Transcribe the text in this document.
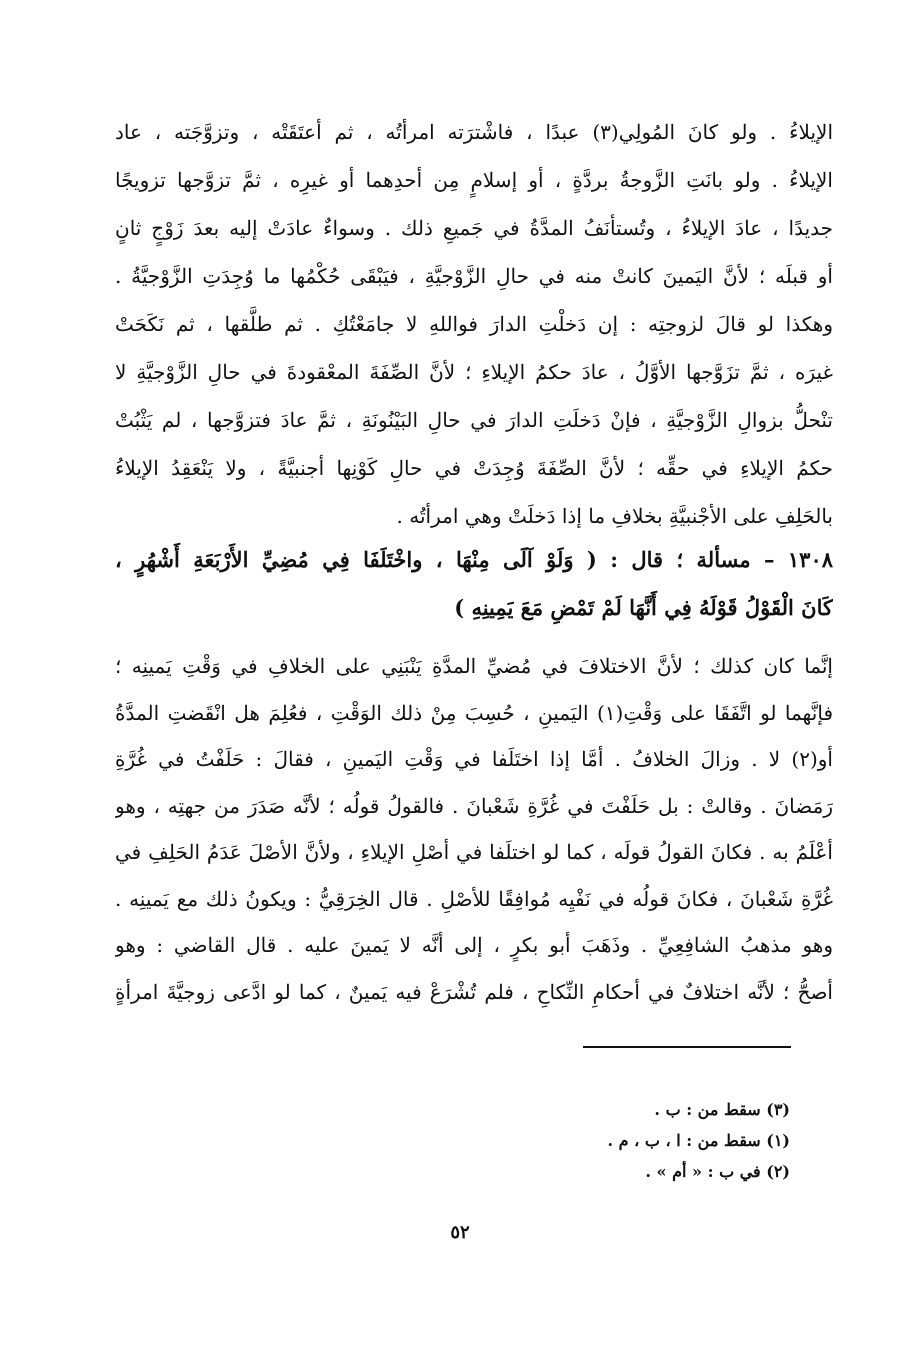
الإيلاءُ . ولو كانَ المُولِي(٣) عبدًا ، فاشْترَته امرأتُه ، ثم أعتَقَتْه ، وتزوَّجَته ، عاد
الإيلاءُ . ولو بانَتِ الزَّوجةُ بردَّةٍ ، أو إسلامٍ مِن أحدِهما أو غيرِه ، ثمَّ تزوَّجها تزويجًا
جديدًا ، عادَ الإيلاءُ ، وتُستأنَفُ المدَّةُ في جَميعِ ذلك . وسواءٌ عادَتْ إليه بعدَ زَوْجٍ ثانٍ
أو قبلَه ؛ لأنَّ اليَمينَ كانتْ منه في حالِ الزَّوْجيَّةِ ، فيَبْقَى حُكْمُها ما وُجِدَتِ الزَّوْجيَّةُ .
وهكذا لو قالَ لزوجتِه : إن دَخلْتِ الدارَ فواللهِ لا جامَعْتُكِ . ثم طلَّقها ، ثم نَكَحَتْ
غيرَه ، ثمَّ تزَوَّجها الأوَّلُ ، عادَ حكمُ الإيلاءِ ؛ لأنَّ الصِّفَةَ المعْقودةَ في حالِ الزَّوْجيَّةِ لا
تنْحلُّ بزوالِ الزَّوْجيَّةِ ، فإنْ دَخلَتِ الدارَ في حالِ البَيْنُونَةِ ، ثمَّ عادَ فتزوَّجها ، لم يَثْبُتْ
حكمُ الإيلاءِ في حقِّه ؛ لأنَّ الصِّفَةَ وُجِدَتْ في حالِ كَوْنِها أجنبيَّةً ، ولا يَنْعَقِدُ الإيلاءُ
بالحَلِفِ على الأجْنبيَّةِ بخلافِ ما إذا دَخلَتْ وهي امرأتُه .
١٣٠٨ – مسألة ؛ قال : ( وَلَوْ آلَى مِنْهَا ، واخْتَلَفَا فِي مُضِيِّ الأَرْبَعَةِ أَشْهُرٍ ،
كَانَ الْقَوْلُ قَوْلَهُ فِي أَنَّهَا لَمْ تَمْضِ مَعَ يَمِينِهِ )
إنَّما كان كذلك ؛ لأنَّ الاختلافَ في مُضيِّ المدَّةِ يَنْبَنِي على الخلافِ في وَقْتِ يَمينِه ؛
فإنَّهما لو اتَّفَقَا على وَقْتِ(١) اليَمينِ ، حُسِبَ مِنْ ذلك الوَقْتِ ، فعُلِمَ هل انْقَضتِ المدَّةُ
أو(٢) لا . وزالَ الخلافُ . أمَّا إذا اختَلَفا في وَقْتِ اليَمينِ ، فقالَ : حَلَفْتُ في غُرَّةِ
رَمَضانَ . وقالتْ : بل حَلَفْتَ في غُرَّةِ شَعْبانَ . فالقولُ قولُه ؛ لأنَّه صَدَرَ من جهتِه ، وهو
أعْلَمُ به . فكانَ القولُ قولَه ، كما لو اختلَفا في أصْلِ الإيلاءِ ، ولأنَّ الأصْلَ عَدَمُ الحَلِفِ في
غُرَّةِ شَعْبانَ ، فكانَ قولُه في نَفْيِه مُوافِقًا للأصْلِ . قال الخِرَقِيُّ : ويكونُ ذلك مع يَمينِه .
وهو مذهبُ الشافِعِيِّ . وذَهَبَ أبو بكرٍ ، إلى أنَّه لا يَمينَ عليه . قال القاضي : وهو
أصحُّ ؛ لأنَّه اختلافٌ في أحكامِ النِّكاحِ ، فلم تُشْرَعْ فيه يَمينٌ ، كما لو ادَّعى زوجيَّةَ امرأةٍ
(٣) سقط من : ب .
(١) سقط من : ا ، ب ، م .
(٢) في ب : « أم » .
٥٢
